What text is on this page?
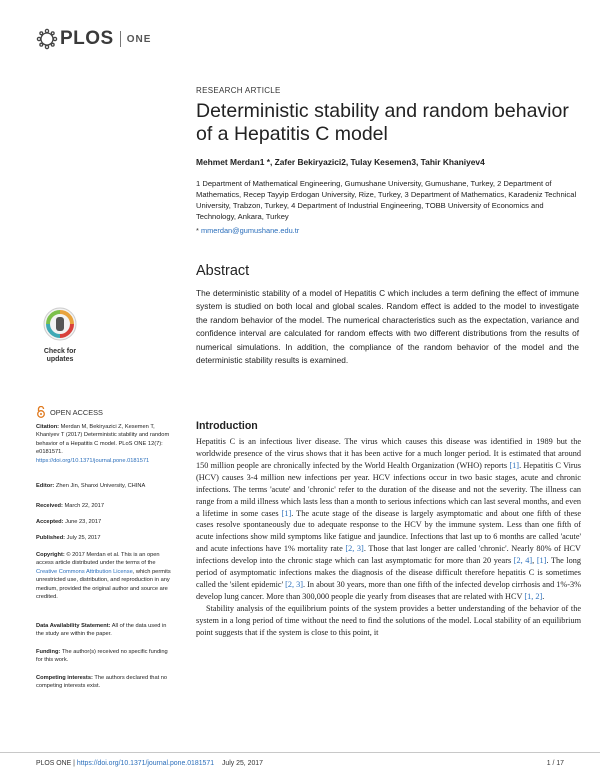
PLOS ONE
RESEARCH ARTICLE
Deterministic stability and random behavior
of a Hepatitis C model
Mehmet Merdan1 *, Zafer Bekiryazici2, Tulay Kesemen3, Tahir Khaniyev4
1 Department of Mathematical Engineering, Gumushane University, Gumushane, Turkey, 2 Department of Mathematics, Recep Tayyip Erdogan University, Rize, Turkey, 3 Department of Mathematics, Karadeniz Technical University, Trabzon, Turkey, 4 Department of Industrial Engineering, TOBB University of Economics and Technology, Ankara, Turkey
* mmerdan@gumushane.edu.tr
Abstract
The deterministic stability of a model of Hepatitis C which includes a term defining the effect of immune system is studied on both local and global scales. Random effect is added to the model to investigate the random behavior of the model. The numerical characteristics such as the expectation, variance and confidence interval are calculated for random effects with two different distributions from the results of numerical simulations. In addition, the compliance of the random behavior of the model and the deterministic stability results is examined.
Check for
updates
OPEN ACCESS
Citation: Merdan M, Bekiryazici Z, Kesemen T, Khaniyev T (2017) Deterministic stability and random behavior of a Hepatitis C model. PLoS ONE 12(7): e0181571. https://doi.org/10.1371/journal.pone.0181571
Editor: Zhen Jin, Shanxi University, CHINA
Received: March 22, 2017
Accepted: June 23, 2017
Published: July 25, 2017
Copyright: © 2017 Merdan et al. This is an open access article distributed under the terms of the Creative Commons Attribution License, which permits unrestricted use, distribution, and reproduction in any medium, provided the original author and source are credited.
Data Availability Statement: All of the data used in the study are within the paper.
Funding: The author(s) received no specific funding for this work.
Competing interests: The authors declared that no competing interests exist.
Introduction

Hepatitis C is an infectious liver disease. The virus which causes this disease was identified in 1989 but the worldwide presence of the virus shows that it has been active for a much longer period. It is estimated that around 150 million people are chronically infected by the World Health Organization (WHO) reports [1]. Hepatitis C Virus (HCV) causes 3-4 million new infections per year. HCV infections occur in two basic stages, acute and chronic infections. The terms 'acute' and 'chronic' refer to the duration of the disease and not the severity. The illness can range from a mild illness which lasts less than a month to serious infections which can last several months, and even a lifetime in some cases [1]. The acute stage of the disease is largely asymptomatic and about one fifth of these cases resolve spontaneously due to adequate response to the HCV by the immune system. Less than one fifth of acute infections show mild symptoms like fatigue and jaundice. Infections that last up to 6 months are called 'acute' and acute infections have 1% mortality rate [2, 3]. Those that last longer are called 'chronic'. Nearly 80% of HCV infections develop into the chronic stage which can last asymptomatic for more than 20 years [2, 4], [1]. The long period of asymptomatic infections makes the diagnosis of the disease difficult therefore hepatitis C is sometimes called the 'silent epidemic' [2, 3]. In about 30 years, more than one fifth of the infected develop cirrhosis and 1%-3% develop lung cancer. More than 300,000 people die yearly from diseases that are related with HCV [1, 2].

Stability analysis of the equilibrium points of the system provides a better understanding of the behavior of the system in a long period of time without the need to find the solutions of the model. Local stability of an equilibrium point suggests that if the system is close to this point, it

PLOS ONE | https://doi.org/10.1371/journal.pone.0181571 July 25, 2017	1 / 17
